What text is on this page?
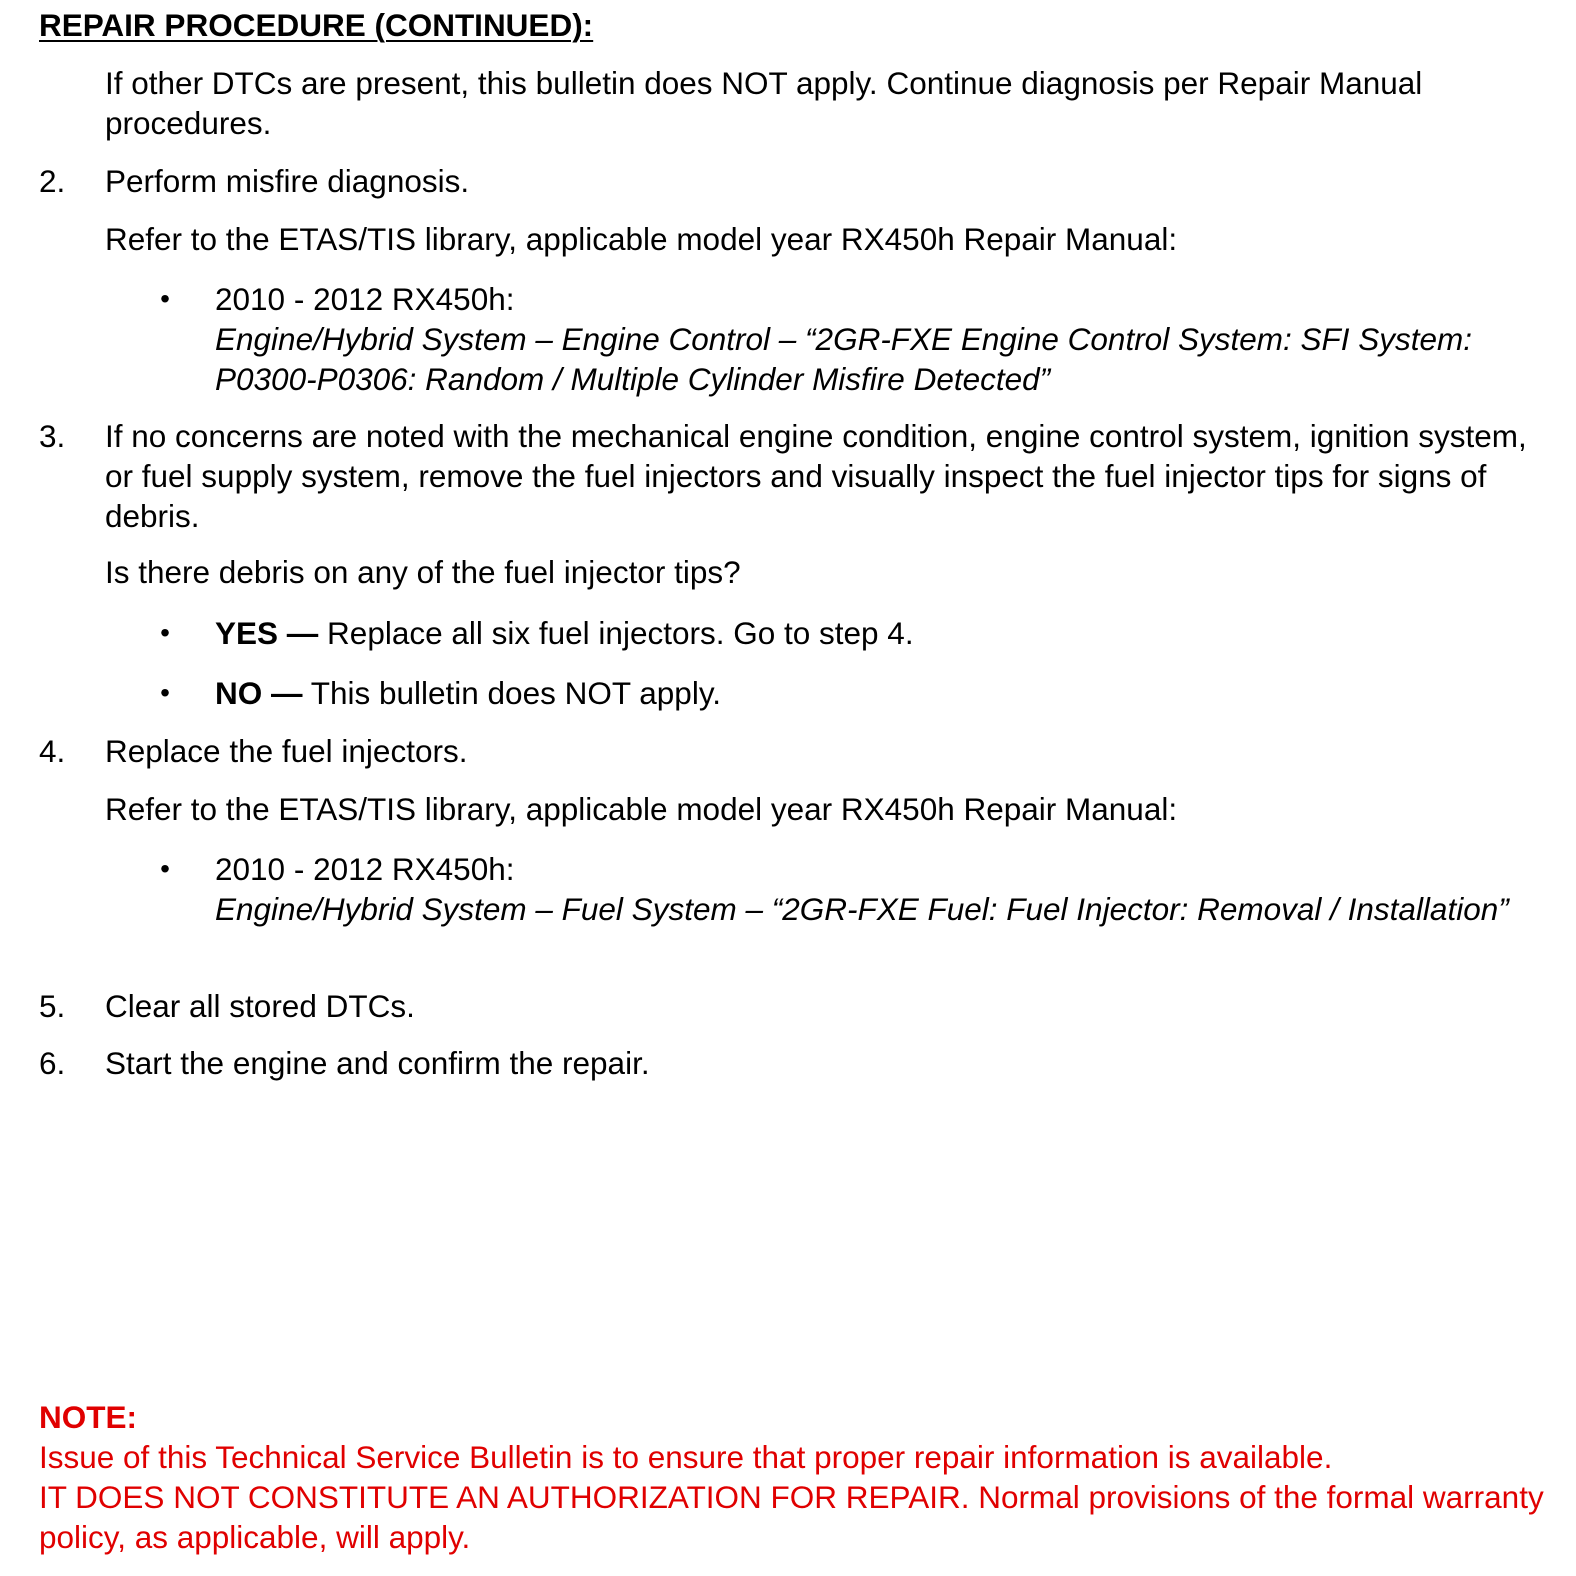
REPAIR PROCEDURE (CONTINUED):

If other DTCs are present, this bulletin does NOT apply. Continue diagnosis per Repair Manual procedures.

2.	Perform misfire diagnosis.

Refer to the ETAS/TIS library, applicable model year RX450h Repair Manual:

• 2010 - 2012 RX450h:
Engine/Hybrid System – Engine Control – “2GR-FXE Engine Control System: SFI System: P0300-P0306: Random / Multiple Cylinder Misfire Detected”
3.	If no concerns are noted with the mechanical engine condition, engine control system, ignition system, or fuel supply system, remove the fuel injectors and visually inspect the fuel injector tips for signs of debris.

Is there debris on any of the fuel injector tips?

• YES — Replace all six fuel injectors. Go to step 4.
• NO — This bulletin does NOT apply.
4.	Replace the fuel injectors.

Refer to the ETAS/TIS library, applicable model year RX450h Repair Manual:

• 2010 - 2012 RX450h:
Engine/Hybrid System – Fuel System – “2GR-FXE Fuel: Fuel Injector: Removal / Installation”
5.	Clear all stored DTCs.
6.	Start the engine and confirm the repair.
NOTE:
Issue of this Technical Service Bulletin is to ensure that proper repair information is available.
IT DOES NOT CONSTITUTE AN AUTHORIZATION FOR REPAIR. Normal provisions of the formal warranty policy, as applicable, will apply.
